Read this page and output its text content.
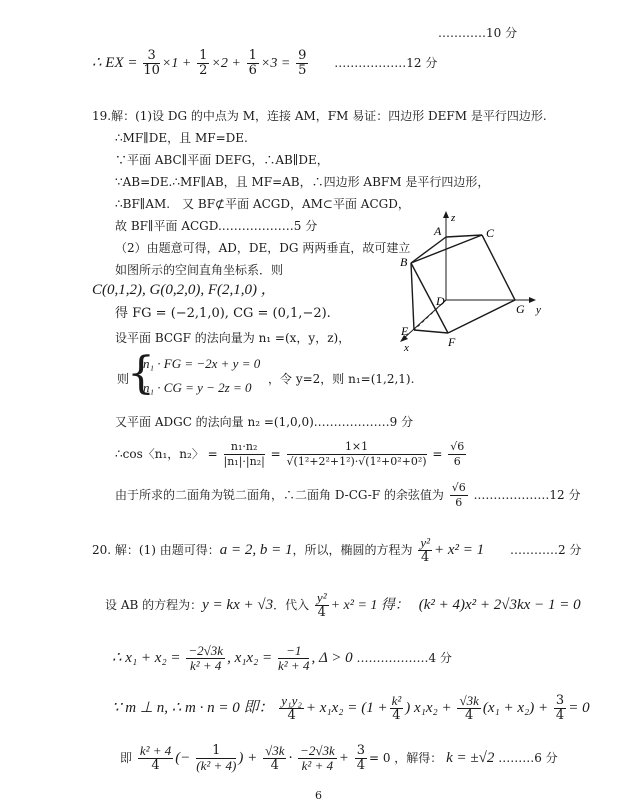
…………10 分
∴ EX = $\frac{3}{10} \times 1 + \frac{1}{2} \times 2 + \frac{1}{6} \times 3 = \frac{9}{5}$ ………………12 分
19.解：(1)设 DG 的中点为 M，连接 AM，FM 易证：四边形 DEFM 是平行四边形.
∴MF∥DE，且 MF=DE.
∵平面 ABC∥平面 DEFG，∴AB∥DE，
∵AB=DE.∴MF∥AB，且 MF=AB，∴四边形 ABFM 是平行四边形，
∴BF∥AM.　又 BF⊄平面 ACGD，AM⊂平面 ACGD，
故 BF∥平面 ACGD.………………5 分
（2）由题意可得，AD，DE，DG 两两垂直，故可建立
如图所示的空间直角坐标系．则
C(0,1,2), G(0,2,0), F(2,1,0) ，
得 FG = (−2,1,0), CG = (0,1,−2).
设平面 BCGF 的法向量为 n₁ =(x，y，z)，
则
{
n₁ · FG = −2x + y = 0
n₁ · CG = y − 2z = 0
，令 y=2，则 n₁=(1,2,1).
又平面 ADGC 的法向量 n₂ =(1,0,0).………………9 分
∴cos〈n₁，n₂〉 = $\frac{\text{n₁·n₂}}{\text{|n₁|·|n₂|}} = \frac{1\times 1}{\text{√(1²+2²+1²)·√(1²+0²+0²)}} = \frac{√6}{6}$
由于所求的二面角为锐二面角，∴二面角 D-CG-F 的余弦值为 $\frac{√6}{6}$ .………………12 分
z
A	C
B
D
G y
E
F
x
20. 解：(1) 由题可得：a = 2, b = 1，所以，椭圆的方程为 $\frac{\text{y²}}{4} + x^2 = 1$ …………2 分
设 AB 的方程为：y = kx + √3．代入 $\frac{\text{y²}}{4} + x^2 = 1$ 得： (k² + 4)x² + 2√3kx − 1 = 0
∴ $x_1 + x_2 = \frac{-2√3k}{\text{k² + 4}}$ , $x_1x_2 = \frac{-1}{\text{k² + 4}}$ , Δ > 0 ………………4 分
∵ m ⊥ n, ∴ m · n = 0 即： $\frac{\text{y₁y₂}}{4} + x_1x_2 = (1 + \frac{\text{k²}}{4}$ ) $x_1x_2 + \frac{√3k}{4} (x_1 + x_2) + \frac{3}{4} = 0$
即 $\frac{\text{k² + 4}}{4}$ (− $\frac{1}{\text{(k² + 4)}}$ ) + $\frac{√3k}{4} \cdot \frac{-2√3k}{\text{k² + 4}} + \frac{3}{4} = 0$ ，解得： k = ±√2 ………6 分
6
